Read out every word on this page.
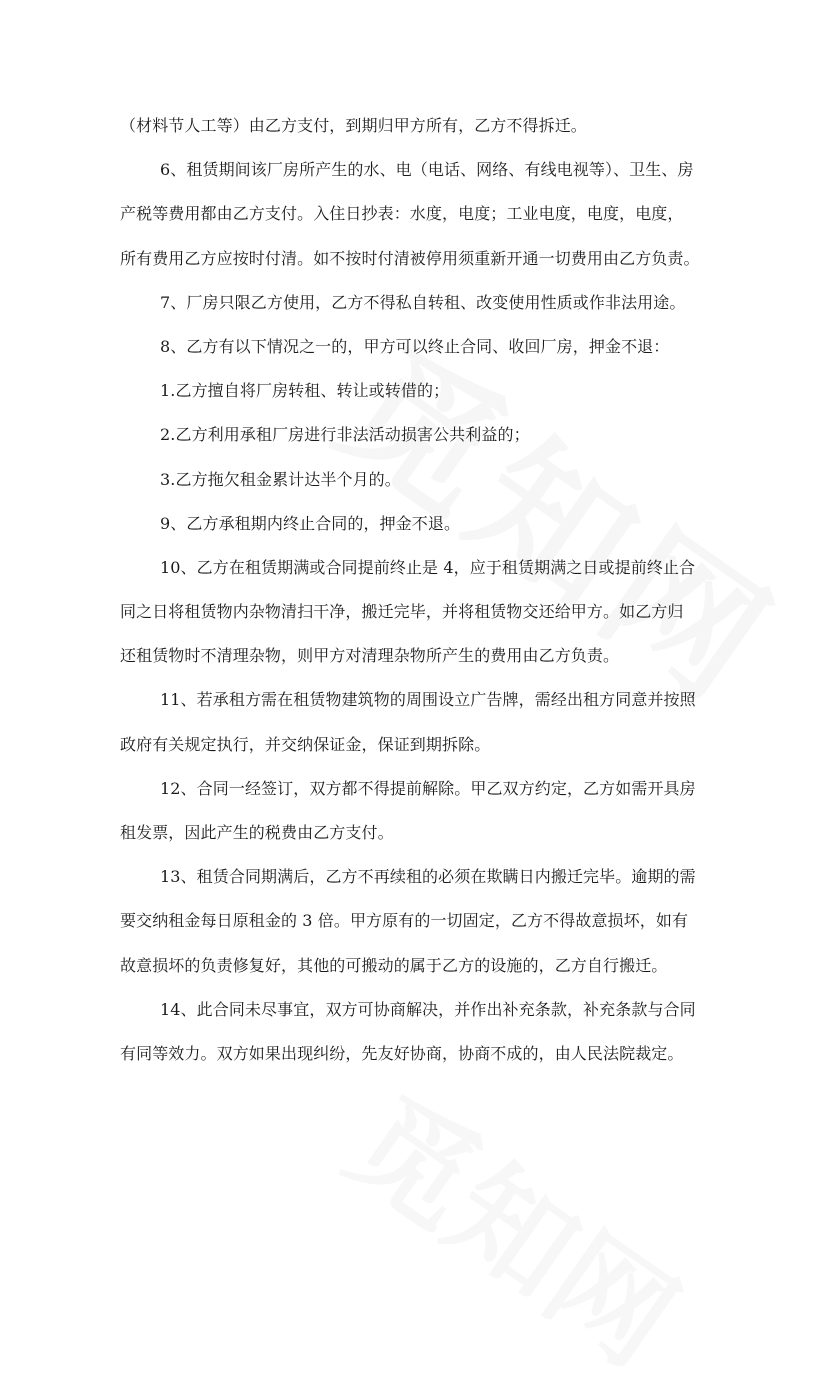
（材料节人工等）由乙方支付，到期归甲方所有，乙方不得拆迁。
6、租赁期间该厂房所产生的水、电（电话、网络、有线电视等）、卫生、房
产税等费用都由乙方支付。入住日抄表：水度，电度；工业电度，电度，电度，
所有费用乙方应按时付清。如不按时付清被停用须重新开通一切费用由乙方负责。
7、厂房只限乙方使用，乙方不得私自转租、改变使用性质或作非法用途。
8、乙方有以下情况之一的，甲方可以终止合同、收回厂房，押金不退：
1.乙方擅自将厂房转租、转让或转借的；
2.乙方利用承租厂房进行非法活动损害公共利益的；
3.乙方拖欠租金累计达半个月的。
9、乙方承租期内终止合同的，押金不退。
10、乙方在租赁期满或合同提前终止是 4，应于租赁期满之日或提前终止合
同之日将租赁物内杂物清扫干净，搬迁完毕，并将租赁物交还给甲方。如乙方归
还租赁物时不清理杂物，则甲方对清理杂物所产生的费用由乙方负责。
11、若承租方需在租赁物建筑物的周围设立广告牌，需经出租方同意并按照
政府有关规定执行，并交纳保证金，保证到期拆除。
12、合同一经签订，双方都不得提前解除。甲乙双方约定，乙方如需开具房
租发票，因此产生的税费由乙方支付。
13、租赁合同期满后，乙方不再续租的必须在欺瞒日内搬迁完毕。逾期的需
要交纳租金每日原租金的 3 倍。甲方原有的一切固定，乙方不得故意损坏，如有
故意损坏的负责修复好，其他的可搬动的属于乙方的设施的，乙方自行搬迁。
14、此合同未尽事宜，双方可协商解决，并作出补充条款，补充条款与合同
有同等效力。双方如果出现纠纷，先友好协商，协商不成的，由人民法院裁定。
